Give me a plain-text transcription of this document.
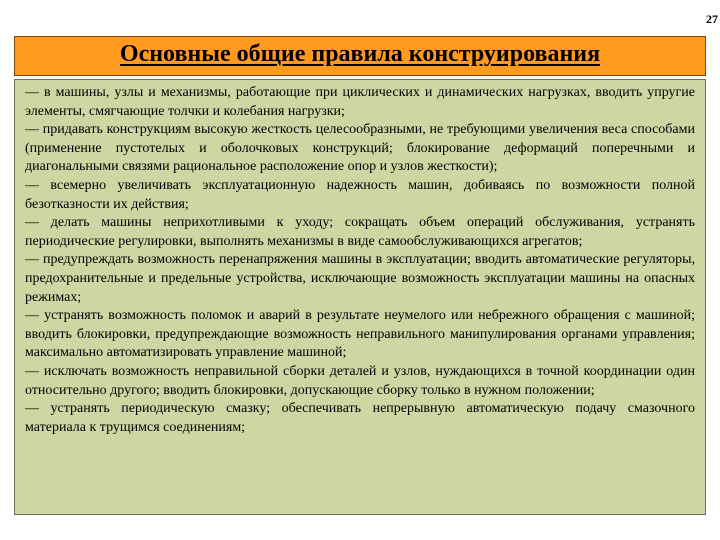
27
Основные общие правила конструирования

— в машины, узлы и механизмы, работающие при циклических и динамических нагрузках, вводить упругие элементы, смягчающие толчки и колебания нагрузки;

— придавать конструкциям высокую жесткость целесообразными, не требующими увеличения веса способами (применение пустотелых и оболочковых конструкций; блокирование деформаций поперечными и диагональными связями рациональное расположение опор и узлов жесткости);

— всемерно увеличивать эксплуатационную надежность машин, добиваясь по возможности полной безотказности их действия;

— делать машины неприхотливыми к уходу; сокращать объем операций обслуживания, устранять периодические регулировки, выполнять механизмы в виде самообслуживающихся агрегатов;

— предупреждать возможность перенапряжения машины в эксплуатации; вводить автоматические регуляторы, предохранительные и предельные устройства, исключающие возможность эксплуатации машины на опасных режимах;

— устранять возможность поломок и аварий в результате неумелого или небрежного обращения с машиной; вводить блокировки, предупреждающие возможность неправильного манипулирования органами управления; максимально автоматизировать управление машиной;

— исключать возможность неправильной сборки деталей и узлов, нуждающихся в точной координации один относительно другого; вводить блокировки, допускающие сборку только в нужном положении;

— устранять периодическую смазку; обеспечивать непрерывную автоматическую подачу смазочного материала к трущимся соединениям;
